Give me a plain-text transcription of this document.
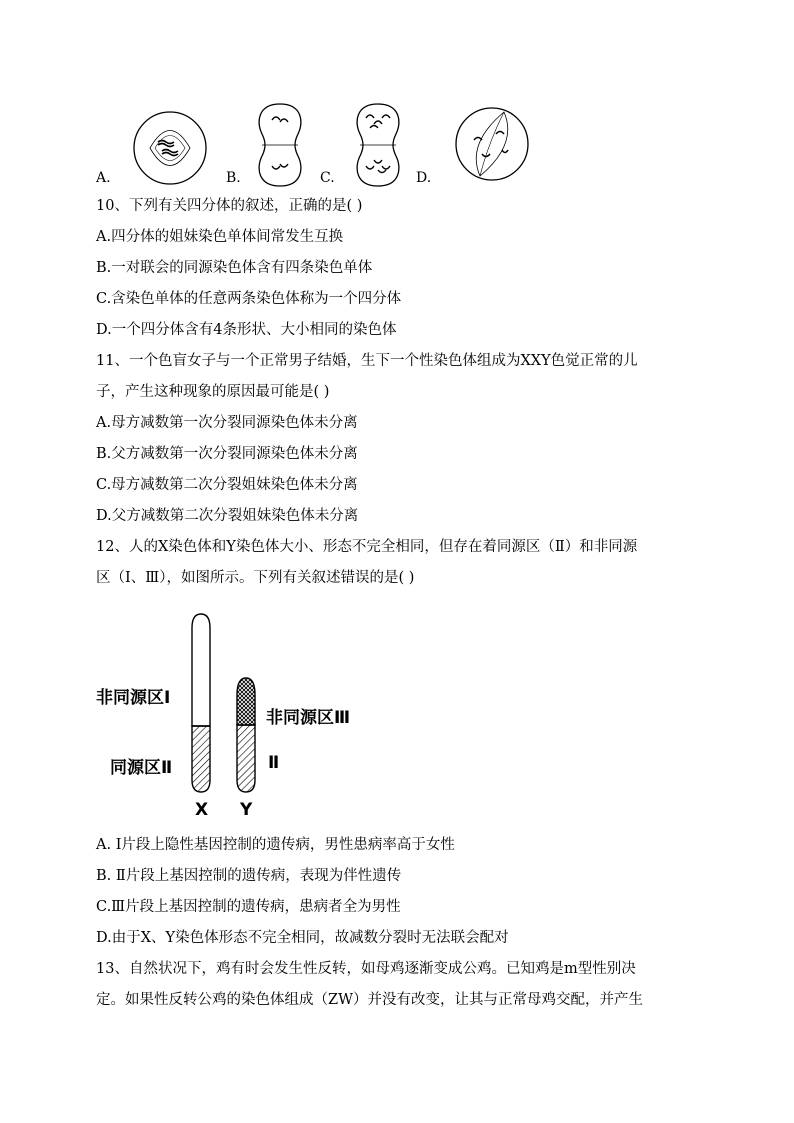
A.	B.	C.	D.
10、下列有关四分体的叙述，正确的是( )
A.四分体的姐妹染色单体间常发生互换
B.一对联会的同源染色体含有四条染色单体
C.含染色单体的任意两条染色体称为一个四分体
D.一个四分体含有4条形状、大小相同的染色体
11、一个色盲女子与一个正常男子结婚，生下一个性染色体组成为XXY色觉正常的儿
子，产生这种现象的原因最可能是( )
A.母方减数第一次分裂同源染色体未分离
B.父方减数第一次分裂同源染色体未分离
C.母方减数第二次分裂姐妹染色体未分离
D.父方减数第二次分裂姐妹染色体未分离
12、人的X染色体和Y染色体大小、形态不完全相同，但存在着同源区（Ⅱ）和非同源
区（Ⅰ、Ⅲ），如图所示。下列有关叙述错误的是( )
非同源区Ⅰ
同源区Ⅱ
非同源区Ⅲ
Ⅱ
X Y
A. Ⅰ片段上隐性基因控制的遗传病，男性患病率高于女性
B. Ⅱ片段上基因控制的遗传病，表现为伴性遗传
C.Ⅲ片段上基因控制的遗传病，患病者全为男性
D.由于X、Y染色体形态不完全相同，故减数分裂时无法联会配对
13、自然状况下，鸡有时会发生性反转，如母鸡逐渐变成公鸡。已知鸡是m型性别决
定。如果性反转公鸡的染色体组成（ZW）并没有改变，让其与正常母鸡交配，并产生
